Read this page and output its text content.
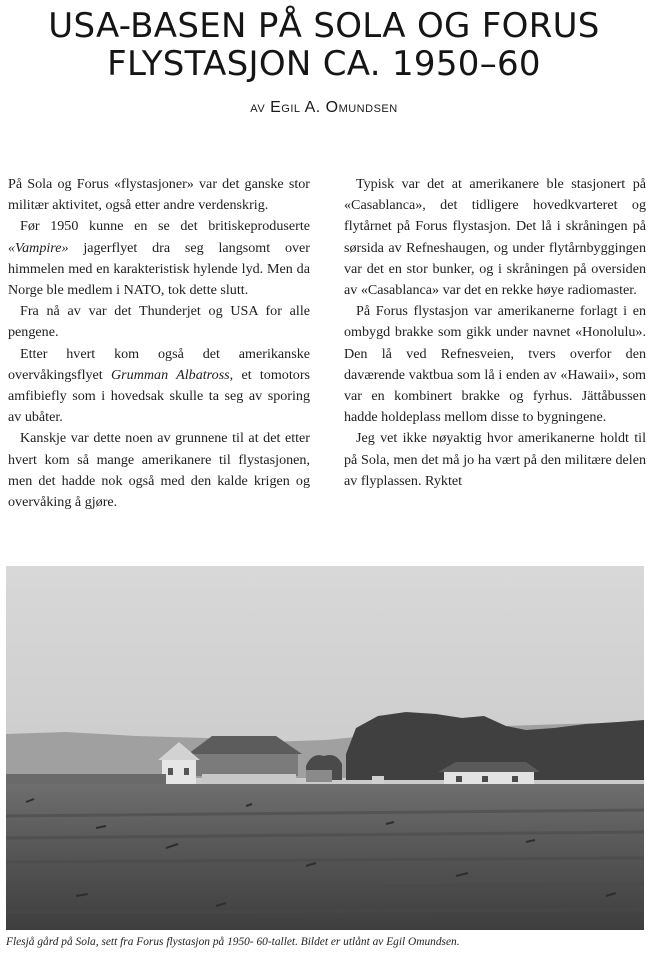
USA-BASEN PÅ SOLA OG FORUS
FLYSTASJON CA. 1950–60

av Egil A. Omundsen

På Sola og Forus «flystasjoner» var det ganske stor militær aktivitet, også etter andre verdenskrig.

Før 1950 kunne en se det britiskeproduserte «Vampire» jagerflyet dra seg langsomt over himmelen med en karakteristisk hylende lyd. Men da Norge ble medlem i NATO, tok dette slutt.

Fra nå av var det Thunderjet og USA for alle pengene.

Etter hvert kom også det amerikanske overvåkingsflyet Grumman Albatross, et tomotors amfibiefly som i hovedsak skulle ta seg av sporing av ubåter.

Kanskje var dette noen av grunnene til at det etter hvert kom så mange amerikanere til flystasjonen, men det hadde nok også med den kalde krigen og overvåking å gjøre.

Typisk var det at amerikanere ble stasjonert på «Casablanca», det tidligere hovedkvarteret og flytårnet på Forus flystasjon. Det lå i skråningen på sørsida av Refneshaugen, og under flytårnbyggingen var det en stor bunker, og i skråningen på oversiden av «Casablanca» var det en rekke høye radiomaster.

På Forus flystasjon var amerikanerne forlagt i en ombygd brakke som gikk under navnet «Honolulu». Den lå ved Refnesveien, tvers overfor den daværende vaktbua som lå i enden av «Hawaii», som var en kombinert brakke og fyrhus. Jättåbussen hadde holdeplass mellom disse to bygningene.

Jeg vet ikke nøyaktig hvor amerikanerne holdt til på Sola, men det må jo ha vært på den militære delen av flyplassen. Ryktet

Flesjå gård på Sola, sett fra Forus flystasjon på 1950- 60-tallet. Bildet er utlånt av Egil Omundsen.
